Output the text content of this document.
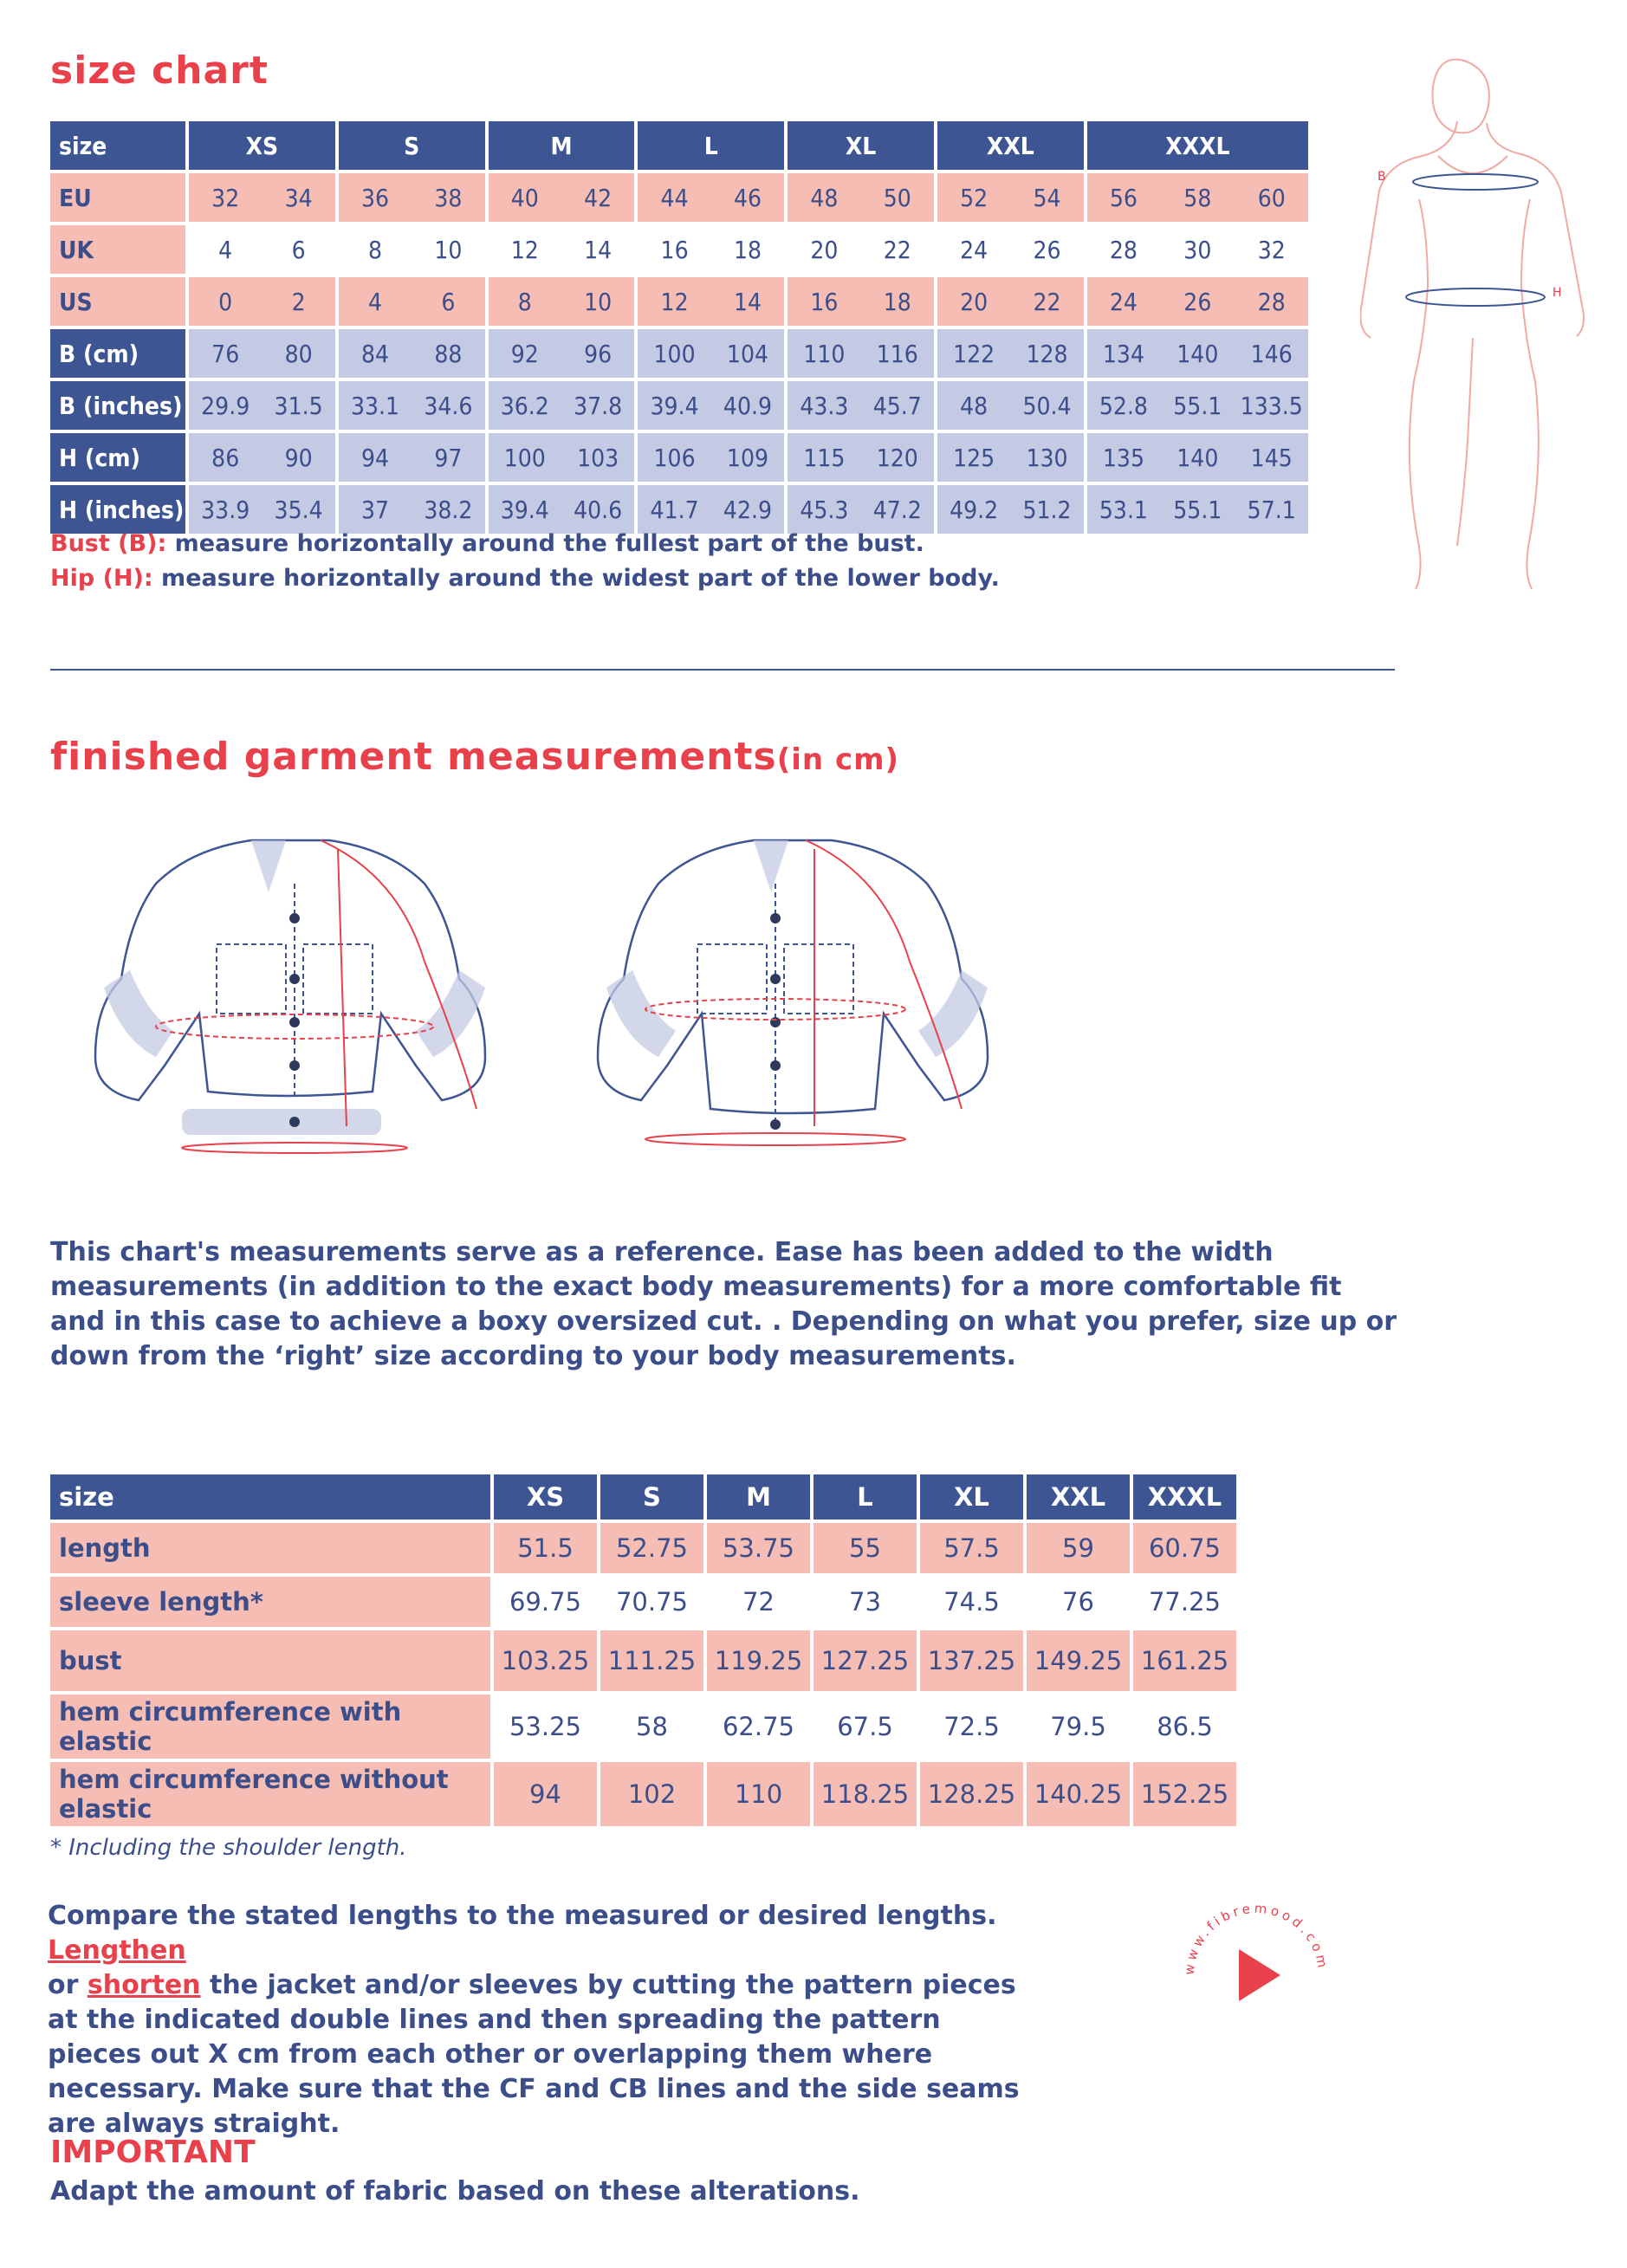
size chart
size	XS		S		M		L		XL		XXL		XXXL		
EU	32	34	36	38	40	42	44	46	48	50	52	54	56	58	60
UK	4	6	8	10	12	14	16	18	20	22	24	26	28	30	32
US	0	2	4	6	8	10	12	14	16	18	20	22	24	26	28
B (cm)	76	80	84	88	92	96	100	104	110	116	122	128	134	140	146
B (inches)	29.9	31.5	33.1	34.6	36.2	37.8	39.4	40.9	43.3	45.7	48	50.4	52.8	55.1	133.5
H (cm)	86	90	94	97	100	103	106	109	115	120	125	130	135	140	145
H (inches)	33.9	35.4	37	38.2	39.4	40.6	41.7	42.9	45.3	47.2	49.2	51.2	53.1	55.1	57.1
Bust (B): measure horizontally around the fullest part of the bust.
Hip (H): measure horizontally around the widest part of the lower body.
B
H
finished garment measurements(in cm)
This chart's measurements serve as a reference. Ease has been added to the width measurements (in addition to the exact body measurements) for a more comfortable fit and in this case to achieve a boxy oversized cut. . Depending on what you prefer, size up or down from the ‘right’ size according to your body measurements.
size	XS	S	M	L	XL	XXL	XXXL
length	51.5	52.75	53.75	55	57.5	59	60.75
sleeve length*	69.75	70.75	72	73	74.5	76	77.25
bust	103.25	111.25	119.25	127.25	137.25	149.25	161.25
hem circumference with elastic	53.25	58	62.75	67.5	72.5	79.5	86.5
hem circumference without elastic	94	102	110	118.25	128.25	140.25	152.25
* Including the shoulder length.
Compare the stated lengths to the measured or desired lengths. Lengthen
or shorten the jacket and/or sleeves by cutting the pattern pieces at the indicated double lines and then spreading the pattern pieces out X cm from each other or overlapping them where necessary. Make sure that the CF and CB lines and the side seams are always straight.
www.fibremood.com
IMPORTANT
Adapt the amount of fabric based on these alterations.
